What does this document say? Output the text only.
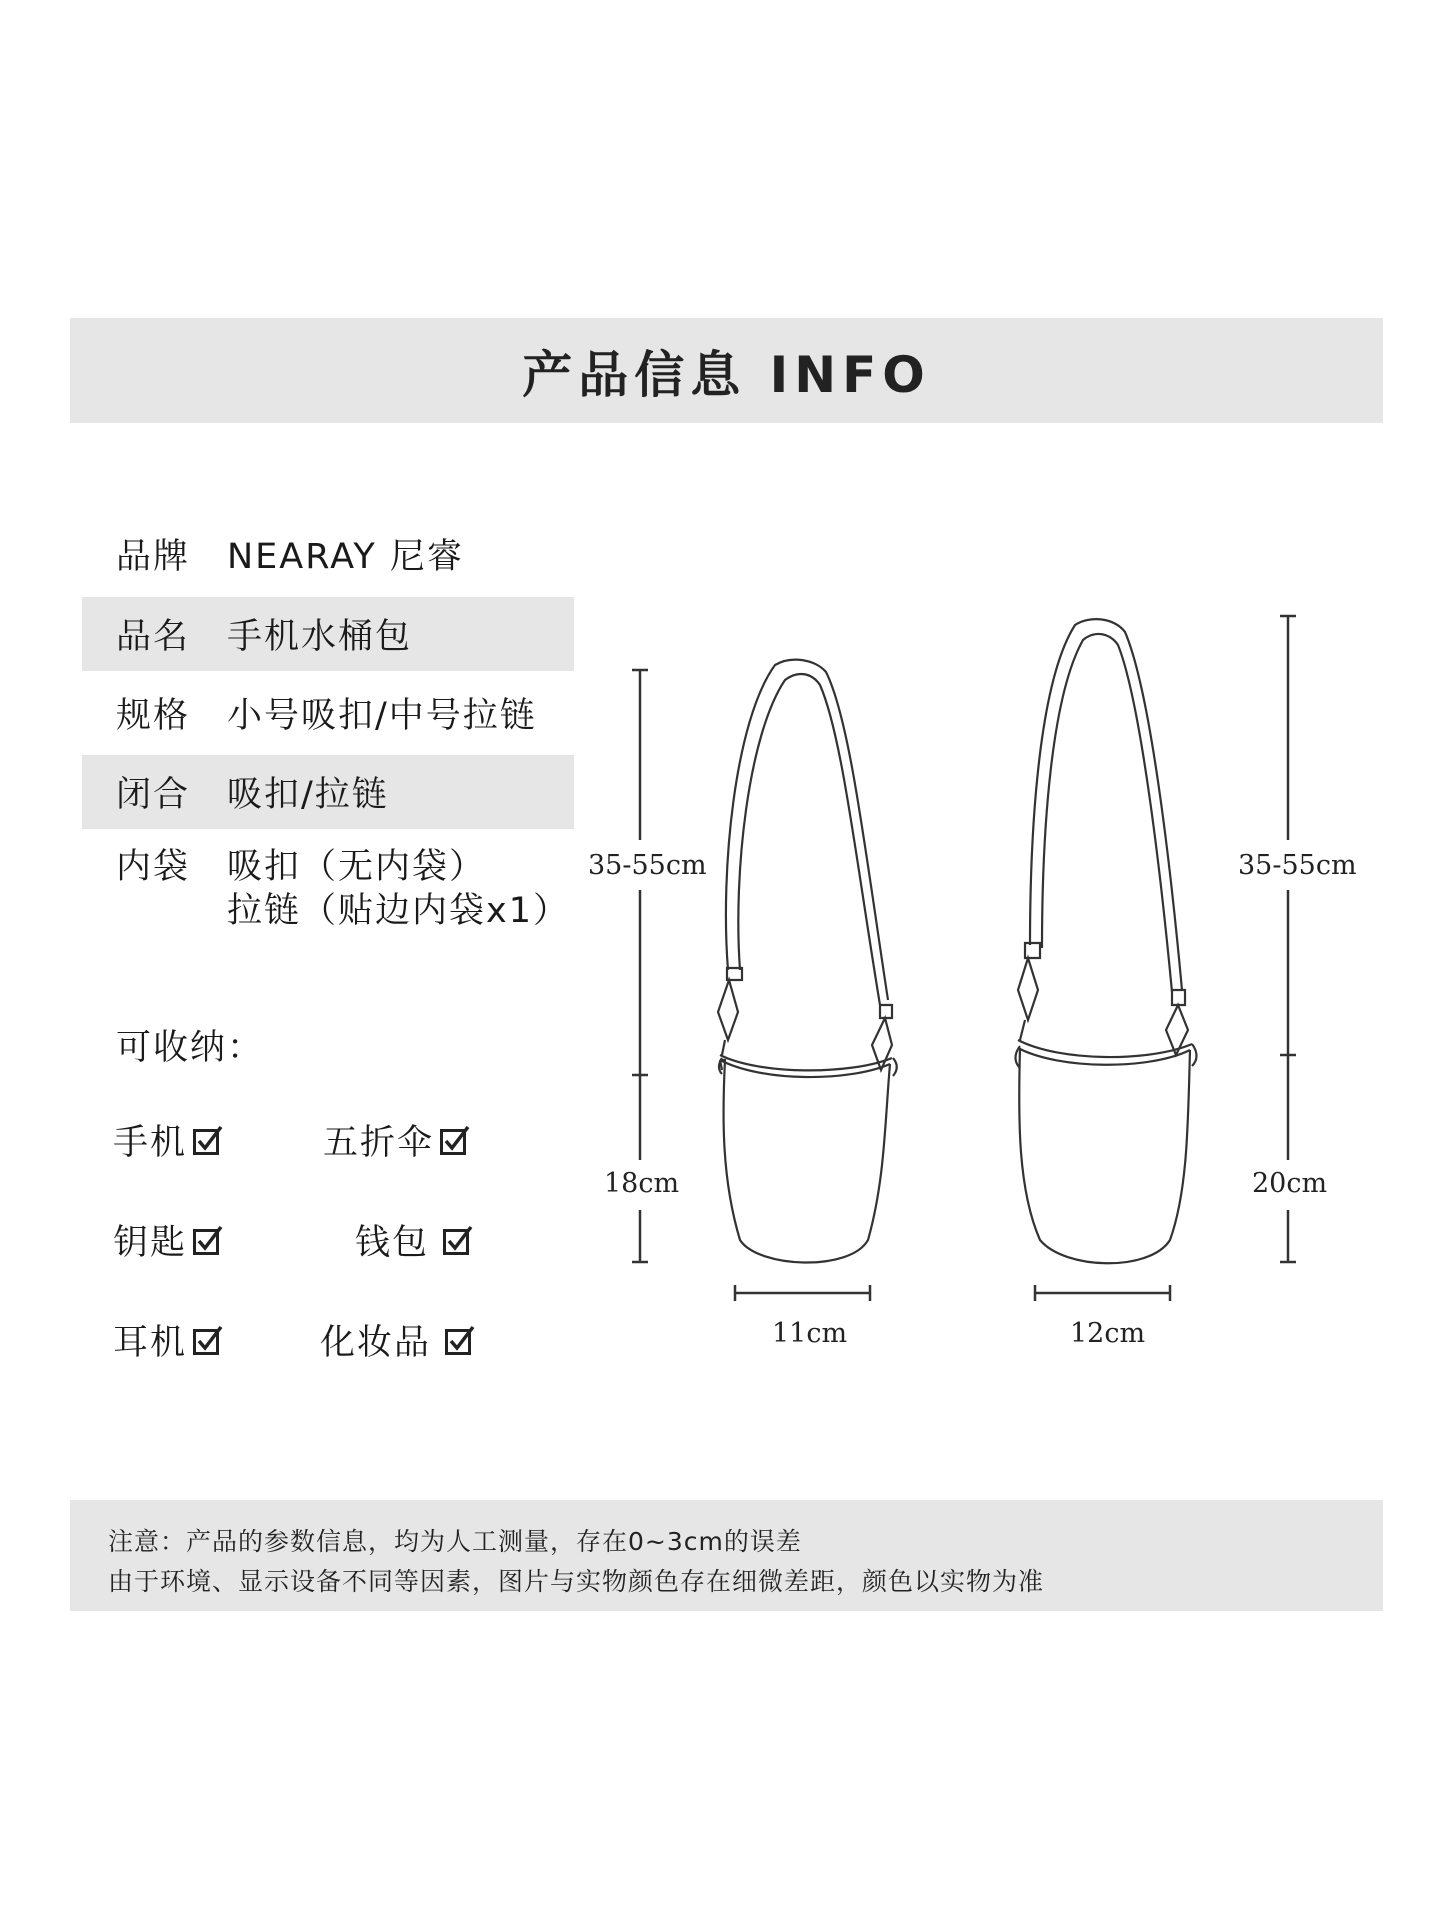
产品信息 INFO
品牌	NEARAY 尼睿
品名	手机水桶包
规格	小号吸扣/中号拉链
闭合	吸扣/拉链
内袋	吸扣（无内袋）
拉链（贴边内袋x1）
可收纳：
手机	五折伞
钥匙	钱包
耳机	化妆品
35-55cm
18cm
11cm
35-55cm
20cm
12cm
注意：产品的参数信息，均为人工测量，存在0~3cm的误差
由于环境、显示设备不同等因素，图片与实物颜色存在细微差距，颜色以实物为准
